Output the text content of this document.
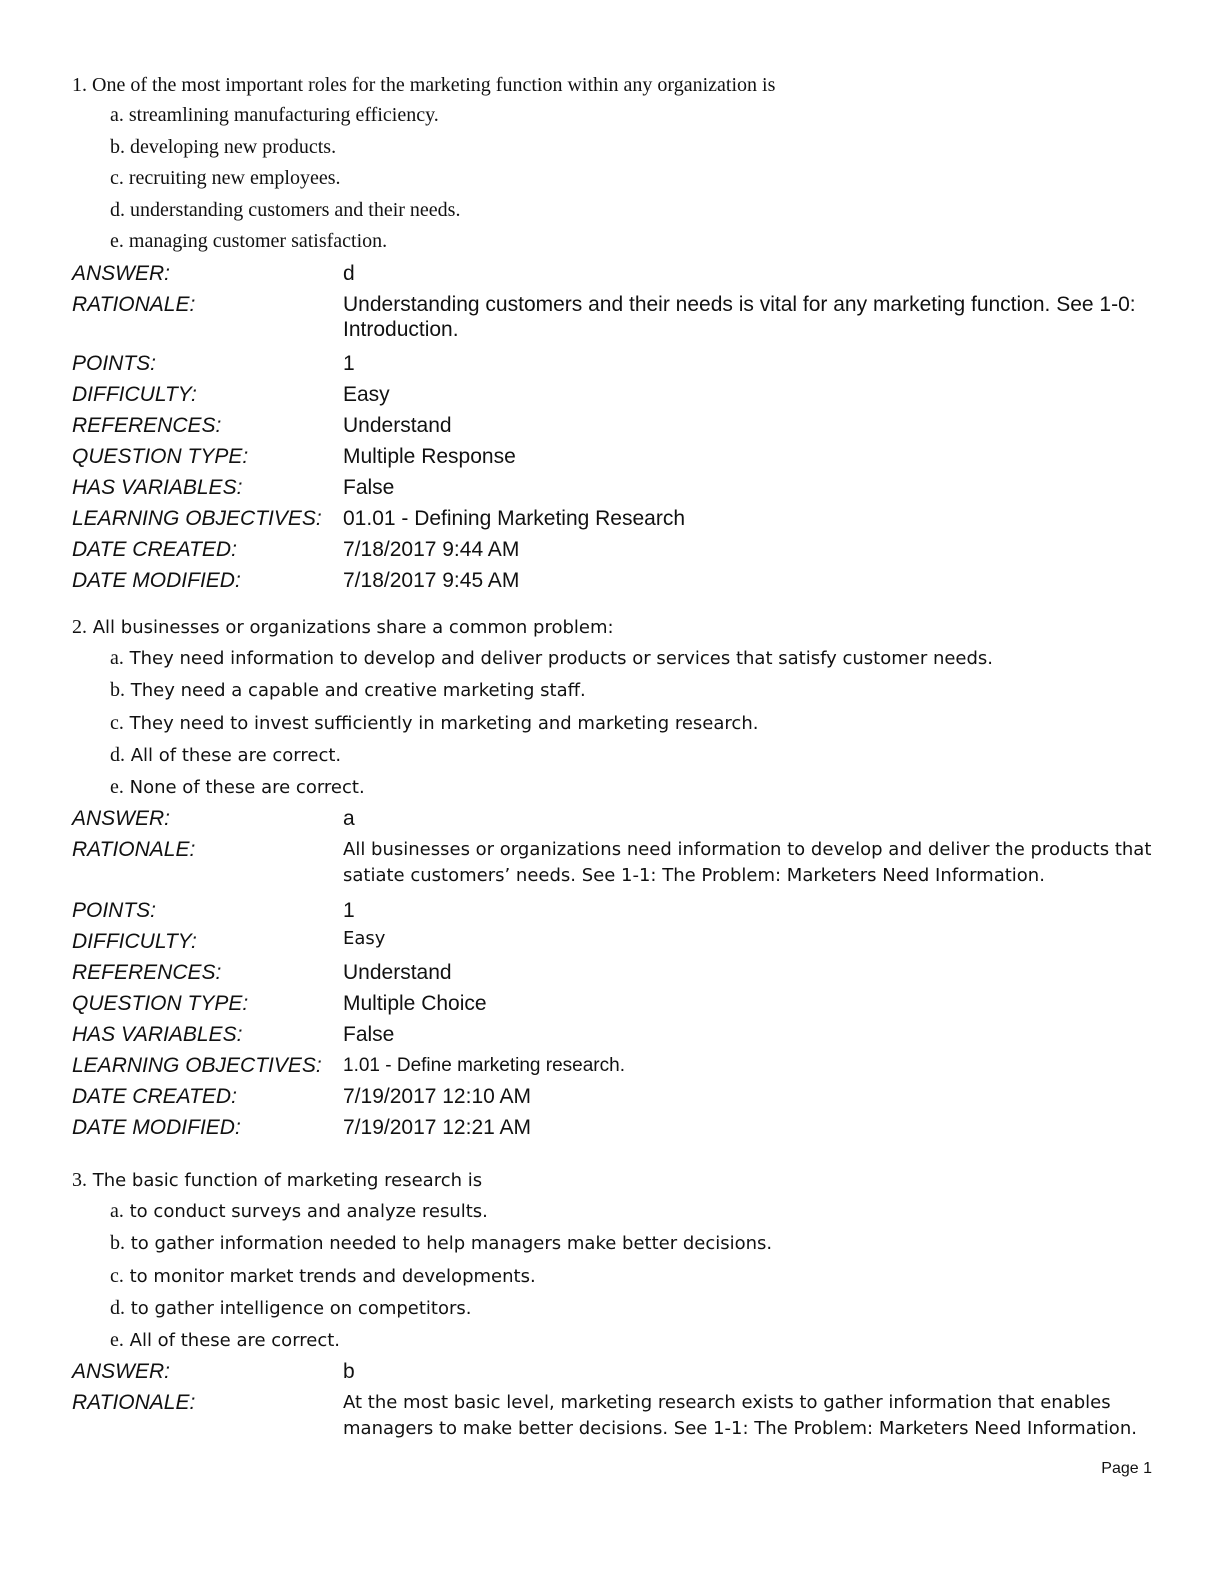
1. One of the most important roles for the marketing function within any organization is
a. streamlining manufacturing efficiency.
b. developing new products.
c. recruiting new employees.
d. understanding customers and their needs.
e. managing customer satisfaction.
ANSWER:	d
RATIONALE:	Understanding customers and their needs is vital for any marketing function. See 1-0: Introduction.
POINTS:	1
DIFFICULTY:	Easy
REFERENCES:	Understand
QUESTION TYPE:	Multiple Response
HAS VARIABLES:	False
LEARNING OBJECTIVES:	01.01 - Defining Marketing Research
DATE CREATED:	7/18/2017 9:44 AM
DATE MODIFIED:	7/18/2017 9:45 AM
2. All businesses or organizations share a common problem:
a. They need information to develop and deliver products or services that satisfy customer needs.
b. They need a capable and creative marketing staff.
c. They need to invest sufficiently in marketing and marketing research.
d. All of these are correct.
e. None of these are correct.
ANSWER:	a
RATIONALE:	All businesses or organizations need information to develop and deliver the products that satiate customers’ needs. See 1-1: The Problem: Marketers Need Information.
POINTS:	1
DIFFICULTY:	Easy
REFERENCES:	Understand
QUESTION TYPE:	Multiple Choice
HAS VARIABLES:	False
LEARNING OBJECTIVES:	1.01 - Define marketing research.
DATE CREATED:	7/19/2017 12:10 AM
DATE MODIFIED:	7/19/2017 12:21 AM
3. The basic function of marketing research is
a. to conduct surveys and analyze results.
b. to gather information needed to help managers make better decisions.
c. to monitor market trends and developments.
d. to gather intelligence on competitors.
e. All of these are correct.
ANSWER:	b
RATIONALE:	At the most basic level, marketing research exists to gather information that enables managers to make better decisions. See 1-1: The Problem: Marketers Need Information.
Page 1
